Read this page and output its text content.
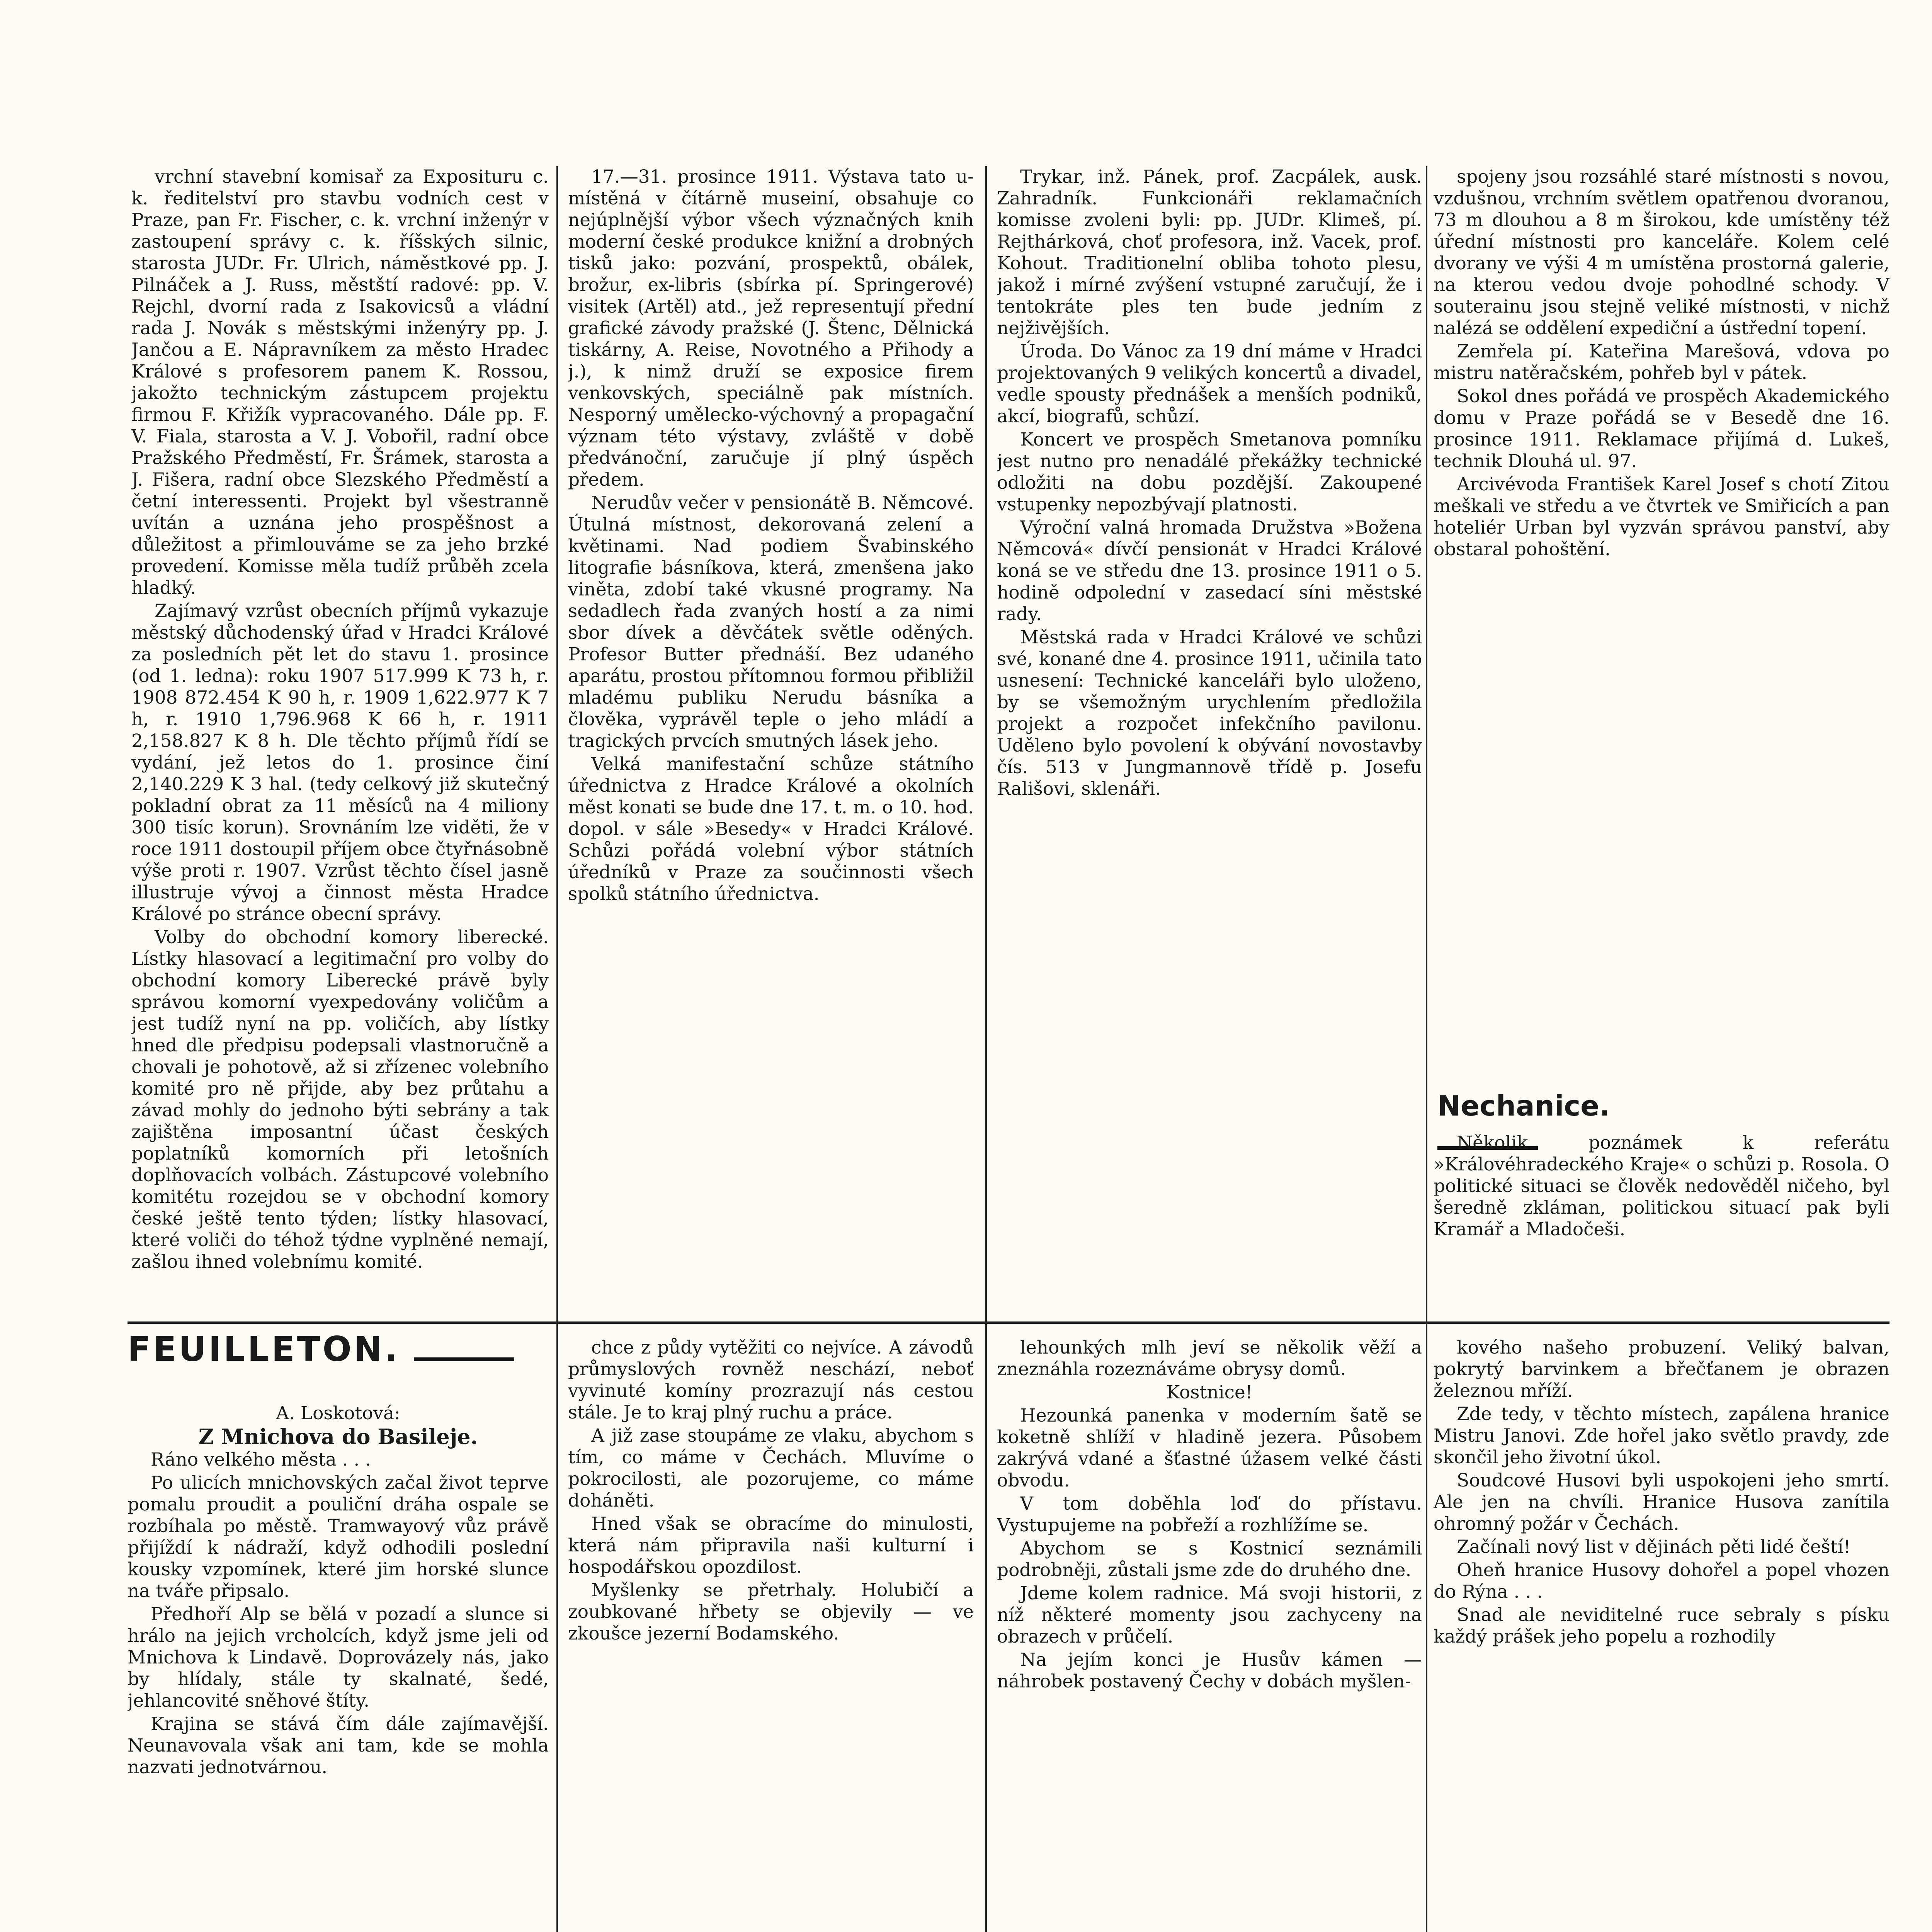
vrchní stavební komisař za Exposituru c. k. ředitelství pro stavbu vodních cest v Praze, pan Fr. Fischer, c. k. vrchní inženýr v zastoupení správy c. k. říšských silnic, starosta JUDr. Fr. Ulrich, náměstkové pp. J. Pilnáček a J. Russ, městští radové: pp. V. Rejchl, dvorní rada z Isakovicsů a vládní rada J. Novák s městskými inženýry pp. J. Jančou a E. Nápravníkem za město Hradec Králové s profesorem panem K. Rossou, jakožto technickým zástupcem projektu firmou F. Křižík vypracovaného. Dále pp. F. V. Fiala, starosta a V. J. Vobořil, radní obce Pražského Předměstí, Fr. Šrámek, starosta a J. Fišera, radní obce Slezského Předměstí a četní interessenti. Projekt byl všestranně uvítán a uznána jeho prospěšnost a důležitost a přimlouváme se za jeho brzké provedení. Komisse měla tudíž průběh zcela hladký.

Zajímavý vzrůst obecních příjmů vykazuje městský důchodenský úřad v Hradci Králové za posledních pět let do stavu 1. prosince (od 1. ledna): roku 1907 517.999 K 73 h, r. 1908 872.454 K 90 h, r. 1909 1,622.977 K 7 h, r. 1910 1,796.968 K 66 h, r. 1911 2,158.827 K 8 h. Dle těchto příjmů řídí se vydání, jež letos do 1. prosince činí 2,140.229 K 3 hal. (tedy celkový již skutečný pokladní obrat za 11 měsíců na 4 miliony 300 tisíc korun). Srovnáním lze viděti, že v roce 1911 dostoupil příjem obce čtyřnásobně výše proti r. 1907. Vzrůst těchto čísel jasně illustruje vývoj a činnost města Hradce Králové po stránce obecní správy.

Volby do obchodní komory liberecké. Lístky hlasovací a legitimační pro volby do obchodní komory Liberecké právě byly správou komorní vyexpedovány voličům a jest tudíž nyní na pp. voličích, aby lístky hned dle předpisu podepsali vlastnoručně a chovali je pohotově, až si zřízenec volebního komité pro ně přijde, aby bez průtahu a závad mohly do jednoho býti sebrány a tak zajištěna imposantní účast českých poplatníků komorních při letošních doplňovacích volbách. Zástupcové volebního komitétu rozejdou se v obchodní komory české ještě tento týden; lístky hlasovací, které voliči do téhož týdne vyplněné nemají, zašlou ihned volebnímu komité.

17.—31. prosince 1911. Výstava tato u-místěná v čítárně museiní, obsahuje co nejúplnější výbor všech význačných knih moderní české produkce knižní a drobných tisků jako: pozvání, prospektů, obálek, brožur, ex-libris (sbírka pí. Springerové) visitek (Artěl) atd., jež representují přední grafické závody pražské (J. Štenc, Dělnická tiskárny, A. Reise, Novotného a Přihody a j.), k nimž druží se exposice firem venkovských, speciálně pak místních. Nesporný umělecko-výchovný a propagační význam této výstavy, zvláště v době předvánoční, zaručuje jí plný úspěch předem.

Nerudův večer v pensionátě B. Němcové. Útulná místnost, dekorovaná zelení a květinami. Nad podiem Švabinského litografie básníkova, která, zmenšena jako viněta, zdobí také vkusné programy. Na sedadlech řada zvaných hostí a za nimi sbor dívek a děvčátek světle oděných. Profesor Butter přednáší. Bez udaného aparátu, prostou přítomnou formou přibližil mladému publiku Nerudu básníka a člověka, vyprávěl teple o jeho mládí a tragických prvcích smutných lásek jeho.

Velká manifestační schůze státního úřednictva z Hradce Králové a okolních měst konati se bude dne 17. t. m. o 10. hod. dopol. v sále »Besedy« v Hradci Králové. Schůzi pořádá volební výbor státních úředníků v Praze za součinnosti všech spolků státního úřednictva.

Trykar, inž. Pánek, prof. Zacpálek, ausk. Zahradník. Funkcionáři reklamačních komisse zvoleni byli: pp. JUDr. Klimeš, pí. Rejthárková, choť profesora, inž. Vacek, prof. Kohout. Traditionelní obliba tohoto plesu, jakož i mírné zvýšení vstupné zaručují, že i tentokráte ples ten bude jedním z nejživějších.

Úroda. Do Vánoc za 19 dní máme v Hradci projektovaných 9 velikých koncertů a divadel, vedle spousty přednášek a menších podniků, akcí, biografů, schůzí.

Koncert ve prospěch Smetanova pomníku jest nutno pro nenadálé překážky technické odložiti na dobu pozdější. Zakoupené vstupenky nepozbývají platnosti.

Výroční valná hromada Družstva »Božena Němcová« dívčí pensionát v Hradci Králové koná se ve středu dne 13. prosince 1911 o 5. hodině odpolední v zasedací síni městské rady.

Městská rada v Hradci Králové ve schůzi své, konané dne 4. prosince 1911, učinila tato usnesení: Technické kanceláři bylo uloženo, by se všemožným urychlením předložila projekt a rozpočet infekčního pavilonu. Uděleno bylo povolení k obývání novostavby čís. 513 v Jungmannově třídě p. Josefu Rališovi, sklenáři.

spojeny jsou rozsáhlé staré místnosti s novou, vzdušnou, vrchním světlem opatřenou dvoranou, 73 m dlouhou a 8 m širokou, kde umístěny též úřední místnosti pro kanceláře. Kolem celé dvorany ve výši 4 m umístěna prostorná galerie, na kterou vedou dvoje pohodlné schody. V souterainu jsou stejně veliké místnosti, v nichž nalézá se oddělení expediční a ústřední topení.

Zemřela pí. Kateřina Marešová, vdova po mistru natěračském, pohřeb byl v pátek.

Sokol dnes pořádá ve prospěch Akademického domu v Praze pořádá se v Besedě dne 16. prosince 1911. Reklamace přijímá d. Lukeš, technik Dlouhá ul. 97.

Arcivévoda František Karel Josef s chotí Zitou meškali ve středu a ve čtvrtek ve Smiřicích a pan hoteliér Urban byl vyzván správou panství, aby obstaral pohoštění.

Nechanice.

Několik poznámek k referátu »Královéhradeckého Kraje« o schůzi p. Rosola. O politické situaci se člověk nedověděl ničeho, byl šeredně zkláman, politickou situací pak byli Kramář a Mladočeši.

FEUILLETON.

A. Loskotová:

Z Mnichova do Basileje.

Ráno velkého města . . .

Po ulicích mnichovských začal život teprve pomalu proudit a pouliční dráha ospale se rozbíhala po městě. Tramwayový vůz právě přijíždí k nádraží, když odhodili poslední kousky vzpomínek, které jim horské slunce na tváře připsalo.

Předhoří Alp se bělá v pozadí a slunce si hrálo na jejich vrcholcích, když jsme jeli od Mnichova k Lindavě. Doprovázely nás, jako by hlídaly, stále ty skalnaté, šedé, jehlancovité sněhové štíty.

Krajina se stává čím dále zajímavější. Neunavovala však ani tam, kde se mohla nazvati jednotvárnou.

chce z půdy vytěžiti co nejvíce. A závodů průmyslových rovněž neschází, neboť vyvinuté komíny prozrazují nás cestou stále. Je to kraj plný ruchu a práce.

A již zase stoupáme ze vlaku, abychom s tím, co máme v Čechách. Mluvíme o pokrocilosti, ale pozorujeme, co máme doháněti.

Hned však se obracíme do minulosti, která nám připravila naši kulturní i hospodářskou opozdilost.

Myšlenky se přetrhaly. Holubičí a zoubkované hřbety se objevily — ve zkoušce jezerní Bodamského.

lehounkých mlh jeví se několik věží a zneznáhla rozeznáváme obrysy domů.

Kostnice!

Hezounká panenka v moderním šatě se koketně shlíží v hladině jezera. Působem zakrývá vdané a šťastné úžasem velké části obvodu.

V tom doběhla loď do přístavu. Vystupujeme na pobřeží a rozhlížíme se.

Abychom se s Kostnicí seznámili podrobněji, zůstali jsme zde do druhého dne.

Jdeme kolem radnice. Má svoji historii, z níž některé momenty jsou zachyceny na obrazech v průčelí.

Na jejím konci je Husův kámen — náhrobek postavený Čechy v dobách myšlen-

kového našeho probuzení. Veliký balvan, pokrytý barvinkem a břečťanem je obrazen železnou mříží.

Zde tedy, v těchto místech, zapálena hranice Mistru Janovi. Zde hořel jako světlo pravdy, zde skončil jeho životní úkol.

Soudcové Husovi byli uspokojeni jeho smrtí. Ale jen na chvíli. Hranice Husova zanítila ohromný požár v Čechách.

Začínali nový list v dějinách pěti lidé čeští!

Oheň hranice Husovy dohořel a popel vhozen do Rýna . . .

Snad ale neviditelné ruce sebraly s písku každý prášek jeho popelu a rozhodily
